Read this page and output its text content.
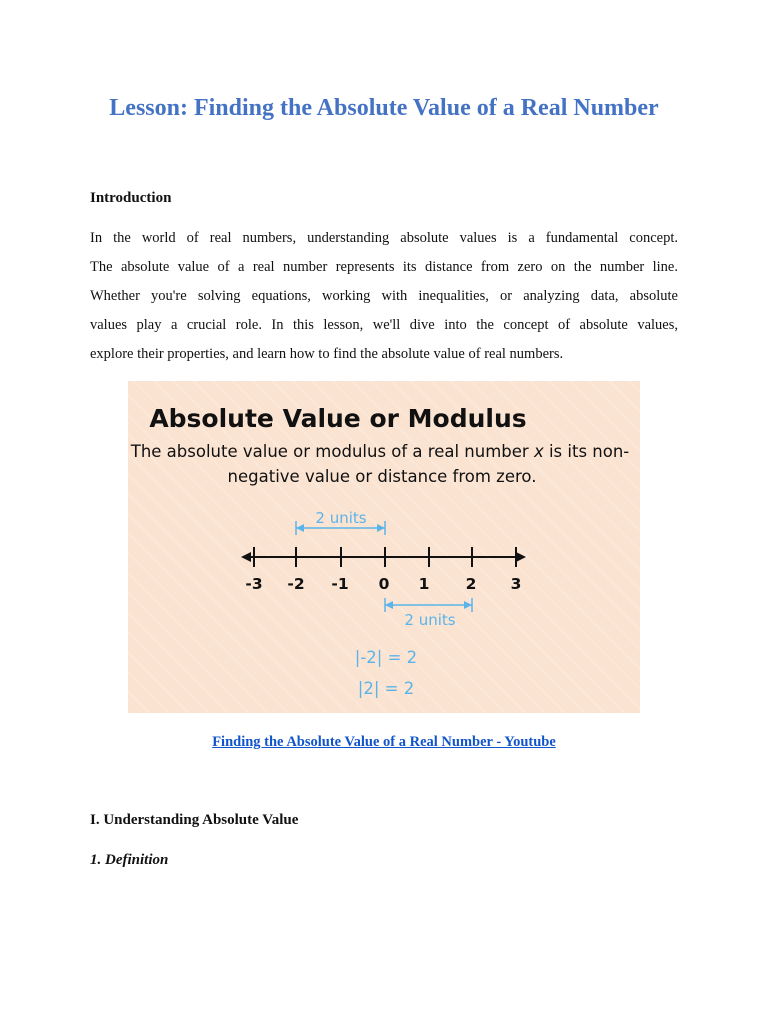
Lesson: Finding the Absolute Value of a Real Number
Introduction

In the world of real numbers, understanding absolute values is a fundamental concept.
The absolute value of a real number represents its distance from zero on the number line.
Whether you're solving equations, working with inequalities, or analyzing data, absolute
values play a crucial role. In this lesson, we'll dive into the concept of absolute values,
explore their properties, and learn how to find the absolute value of real numbers.

Absolute Value or Modulus
The absolute value or modulus of a real number x is its non-
negative value or distance from zero.
2 units
-3 -2 -1 0 1 2 3
2 units
|-2| = 2
|2| = 2
Finding the Absolute Value of a Real Number - Youtube
I. Understanding Absolute Value
1. Definition
